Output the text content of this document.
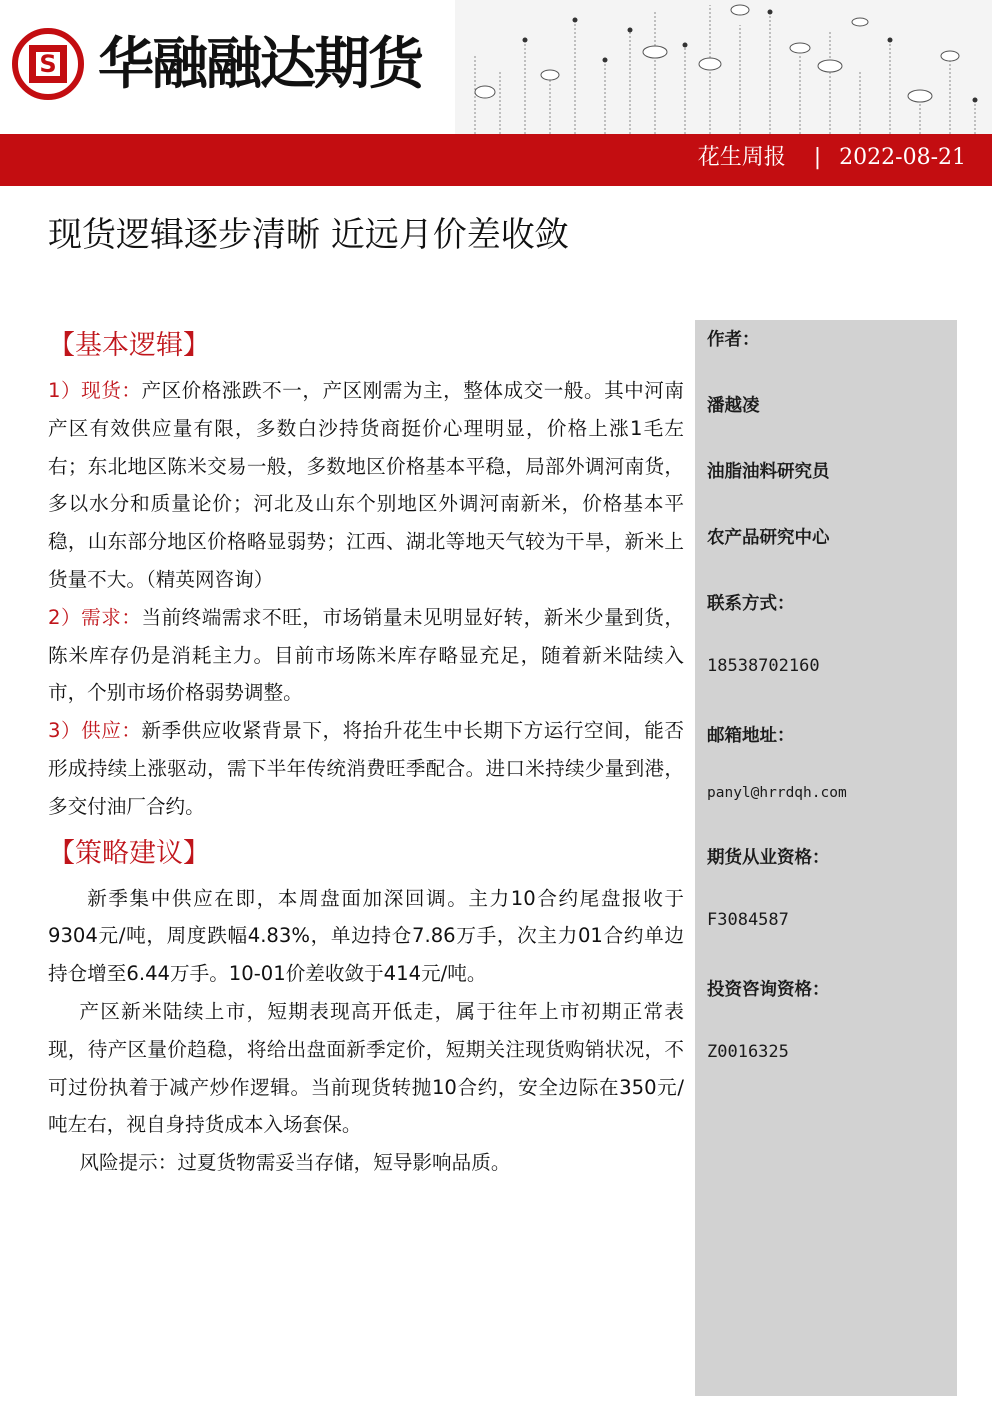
S 华融融达期货
花生周报 | 2022-08-21
现货逻辑逐步清晰 近远月价差收敛
【基本逻辑】

1）现货：产区价格涨跌不一，产区刚需为主，整体成交一般。其中河南产区有效供应量有限，多数白沙持货商挺价心理明显，价格上涨1毛左右；东北地区陈米交易一般，多数地区价格基本平稳，局部外调河南货，多以水分和质量论价；河北及山东个别地区外调河南新米，价格基本平稳，山东部分地区价格略显弱势；江西、湖北等地天气较为干旱，新米上货量不大。（精英网咨询）

2）需求：当前终端需求不旺，市场销量未见明显好转，新米少量到货，陈米库存仍是消耗主力。目前市场陈米库存略显充足，随着新米陆续入市，个别市场价格弱势调整。

3）供应：新季供应收紧背景下，将抬升花生中长期下方运行空间，能否形成持续上涨驱动，需下半年传统消费旺季配合。进口米持续少量到港，多交付油厂合约。

【策略建议】

新季集中供应在即，本周盘面加深回调。主力10合约尾盘报收于9304元/吨，周度跌幅4.83%，单边持仓7.86万手，次主力01合约单边持仓增至6.44万手。10-01价差收敛于414元/吨。

产区新米陆续上市，短期表现高开低走，属于往年上市初期正常表现，待产区量价趋稳，将给出盘面新季定价，短期关注现货购销状况，不可过份执着于减产炒作逻辑。当前现货转抛10合约，安全边际在350元/吨左右，视自身持货成本入场套保。

风险提示：过夏货物需妥当存储，短导影响品质。

作者：
潘越凌
油脂油料研究员
农产品研究中心
联系方式：
18538702160
邮箱地址：
panyl@hrrdqh.com
期货从业资格：
F3084587
投资咨询资格：
Z0016325
